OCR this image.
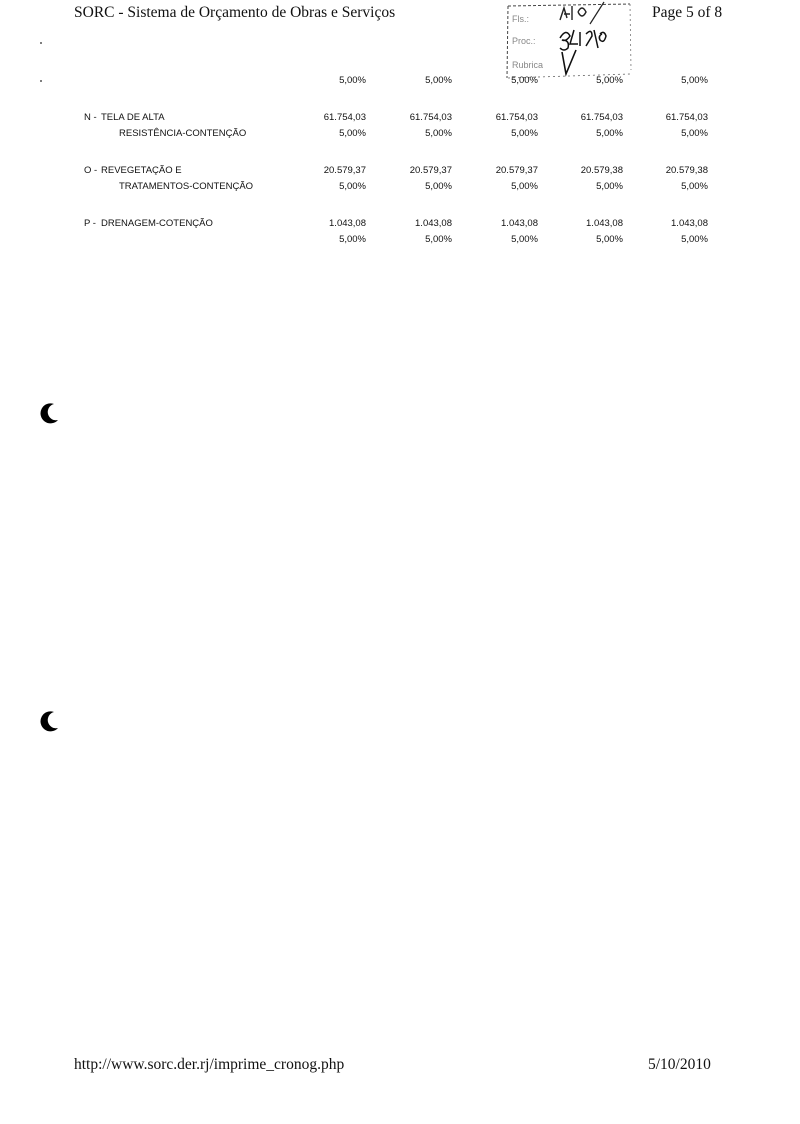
SORC - Sistema de Orçamento de Obras e Serviços	Page 5 of 8
Fls.:
Proc.:
Rubrica
5,00%	5,00%	5,00%	5,00%	5,00%
N - TELA DE ALTA
RESISTÊNCIA-CONTENÇÃO
61.754,03	61.754,03	61.754,03	61.754,03	61.754,03
5,00%	5,00%	5,00%	5,00%	5,00%
O - REVEGETAÇÃO E
TRATAMENTOS-CONTENÇÃO
20.579,37	20.579,37	20.579,37	20.579,38	20.579,38
5,00%	5,00%	5,00%	5,00%	5,00%
P - DRENAGEM-COTENÇÃO	1.043,08	1.043,08	1.043,08	1.043,08	1.043,08
5,00%	5,00%	5,00%	5,00%	5,00%
http://www.sorc.der.rj/imprime_cronog.php	5/10/2010
